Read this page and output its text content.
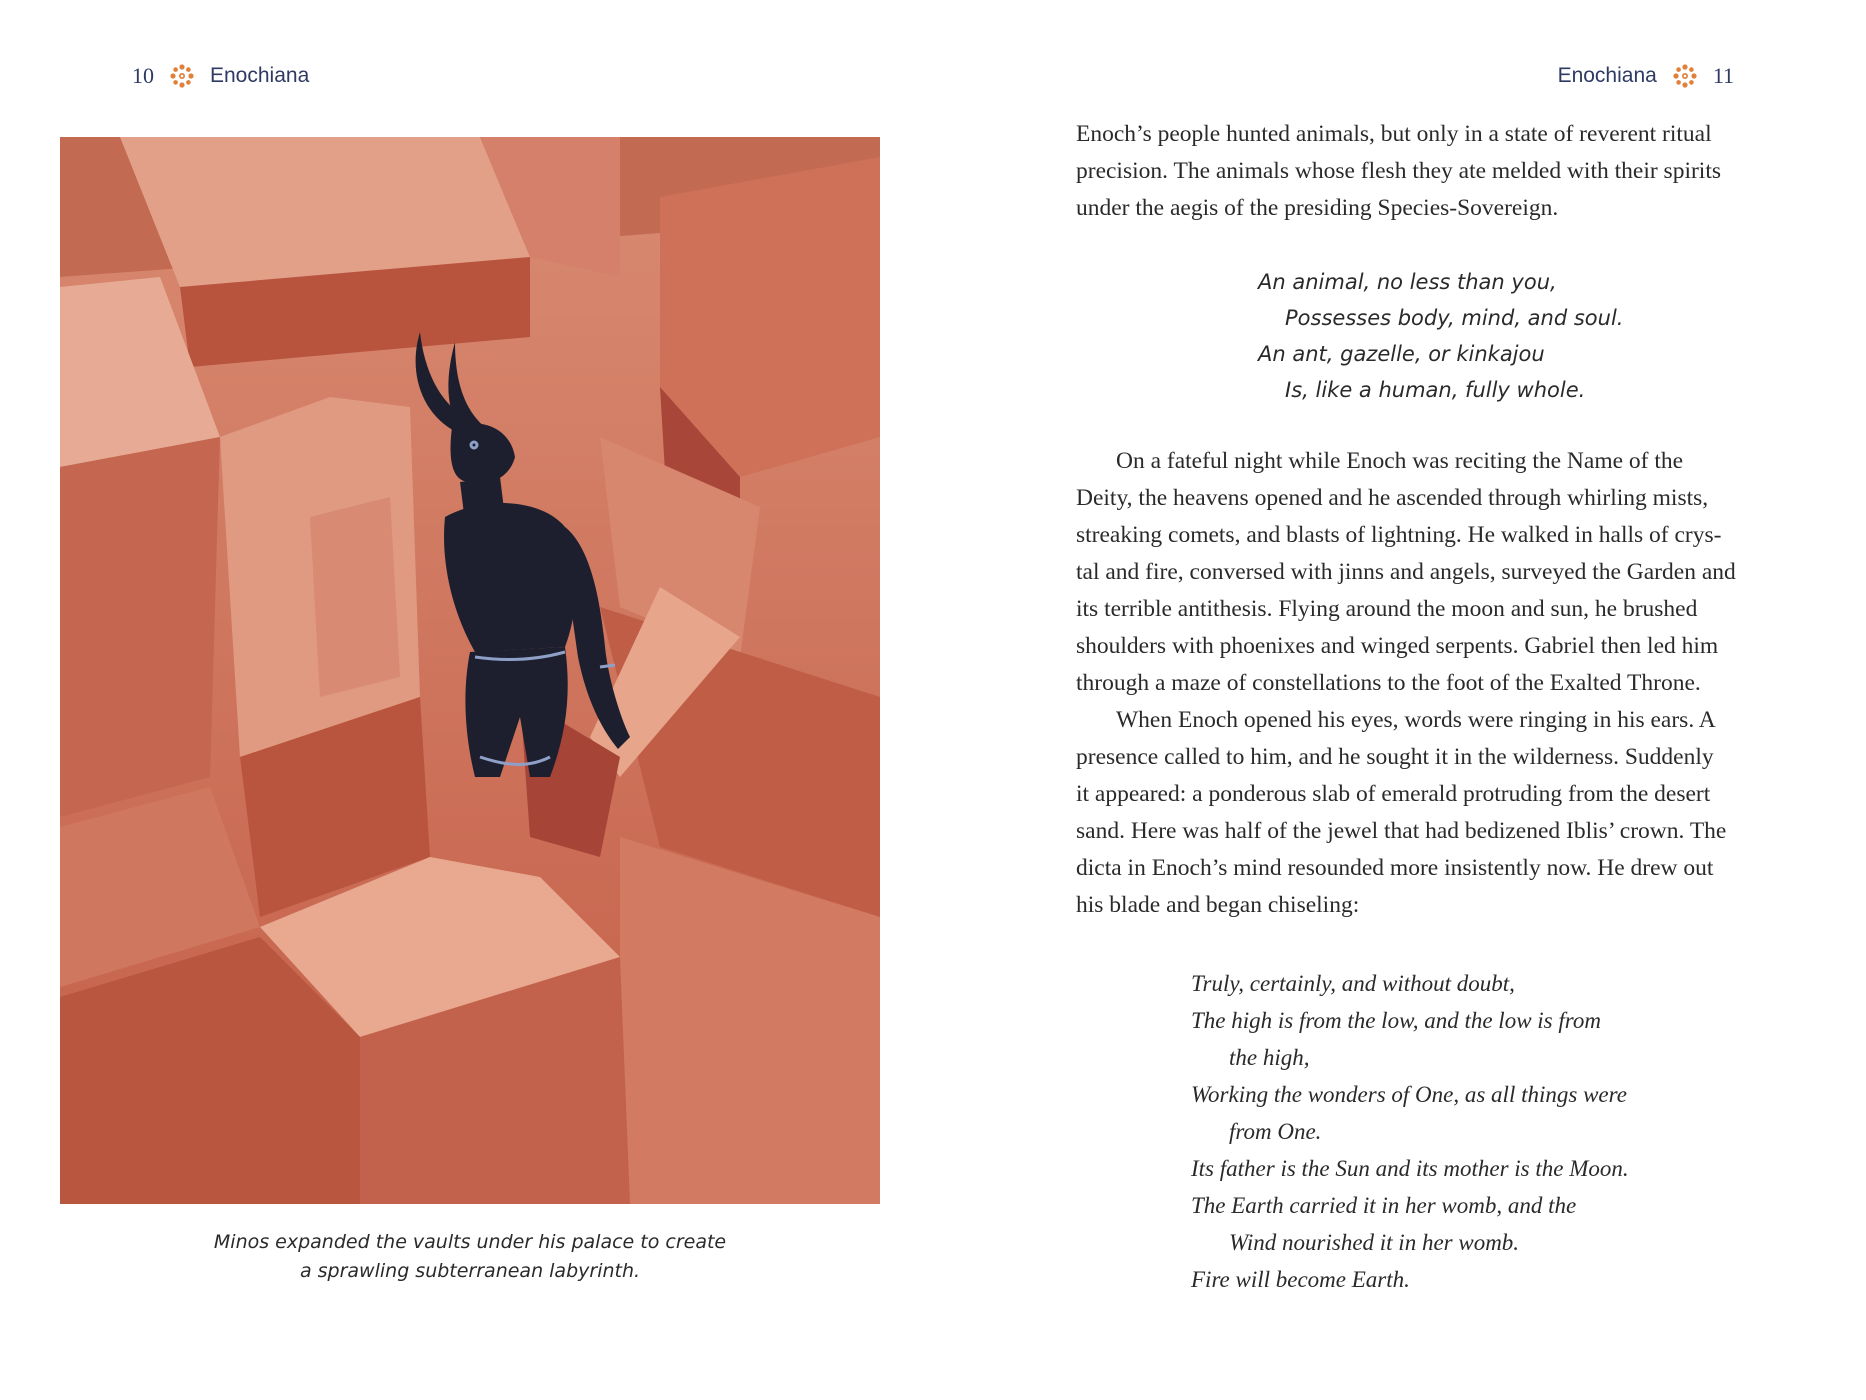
10	Enochiana
Minos expanded the vaults under his palace to create
a sprawling subterranean labyrinth.
Enochiana	11
Enoch’s people hunted animals, but only in a state of reverent ritual
precision. The animals whose flesh they ate melded with their spirits
under the aegis of the presiding Species-Sovereign.
An animal, no less than you,
Possesses body, mind, and soul.
An ant, gazelle, or kinkajou
Is, like a human, fully whole.
On a fateful night while Enoch was reciting the Name of the
Deity, the heavens opened and he ascended through whirling mists,
streaking comets, and blasts of lightning. He walked in halls of crys-
tal and fire, conversed with jinns and angels, surveyed the Garden and
its terrible antithesis. Flying around the moon and sun, he brushed
shoulders with phoenixes and winged serpents. Gabriel then led him
through a maze of constellations to the foot of the Exalted Throne.
When Enoch opened his eyes, words were ringing in his ears. A
presence called to him, and he sought it in the wilderness. Suddenly
it appeared: a ponderous slab of emerald protruding from the desert
sand. Here was half of the jewel that had bedizened Iblis’ crown. The
dicta in Enoch’s mind resounded more insistently now. He drew out
his blade and began chiseling:
Truly, certainly, and without doubt,
The high is from the low, and the low is from
the high,
Working the wonders of One, as all things were
from One.
Its father is the Sun and its mother is the Moon.
The Earth carried it in her womb, and the
Wind nourished it in her womb.
Fire will become Earth.
